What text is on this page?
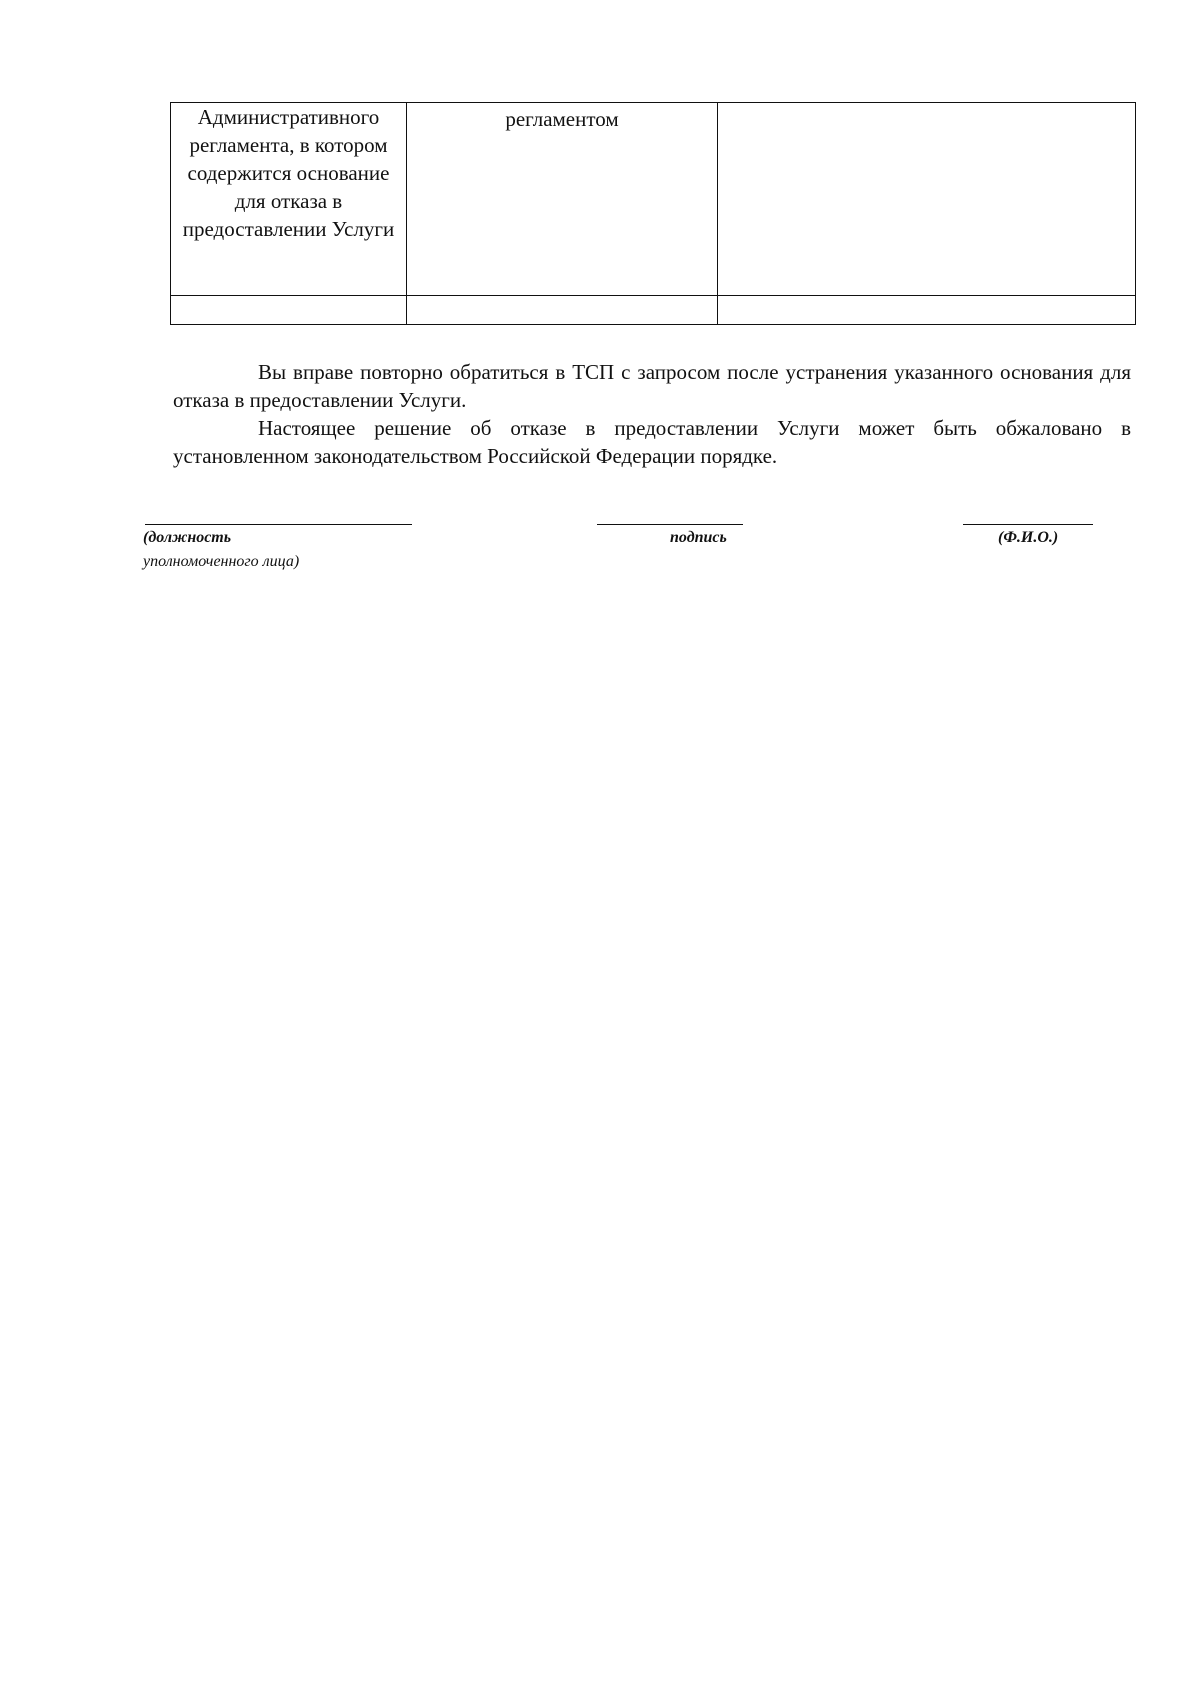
Административного регламента, в котором содержится основание для отказа в предоставлении Услуги	регламентом	

Вы вправе повторно обратиться в ТСП с запросом после устранения указанного основания для отказа в предоставлении Услуги.

Настоящее решение об отказе в предоставлении Услуги может быть обжаловано в установленном законодательством Российской Федерации порядке.

(должность
уполномоченного лица)
подпись	(Ф.И.О.)
